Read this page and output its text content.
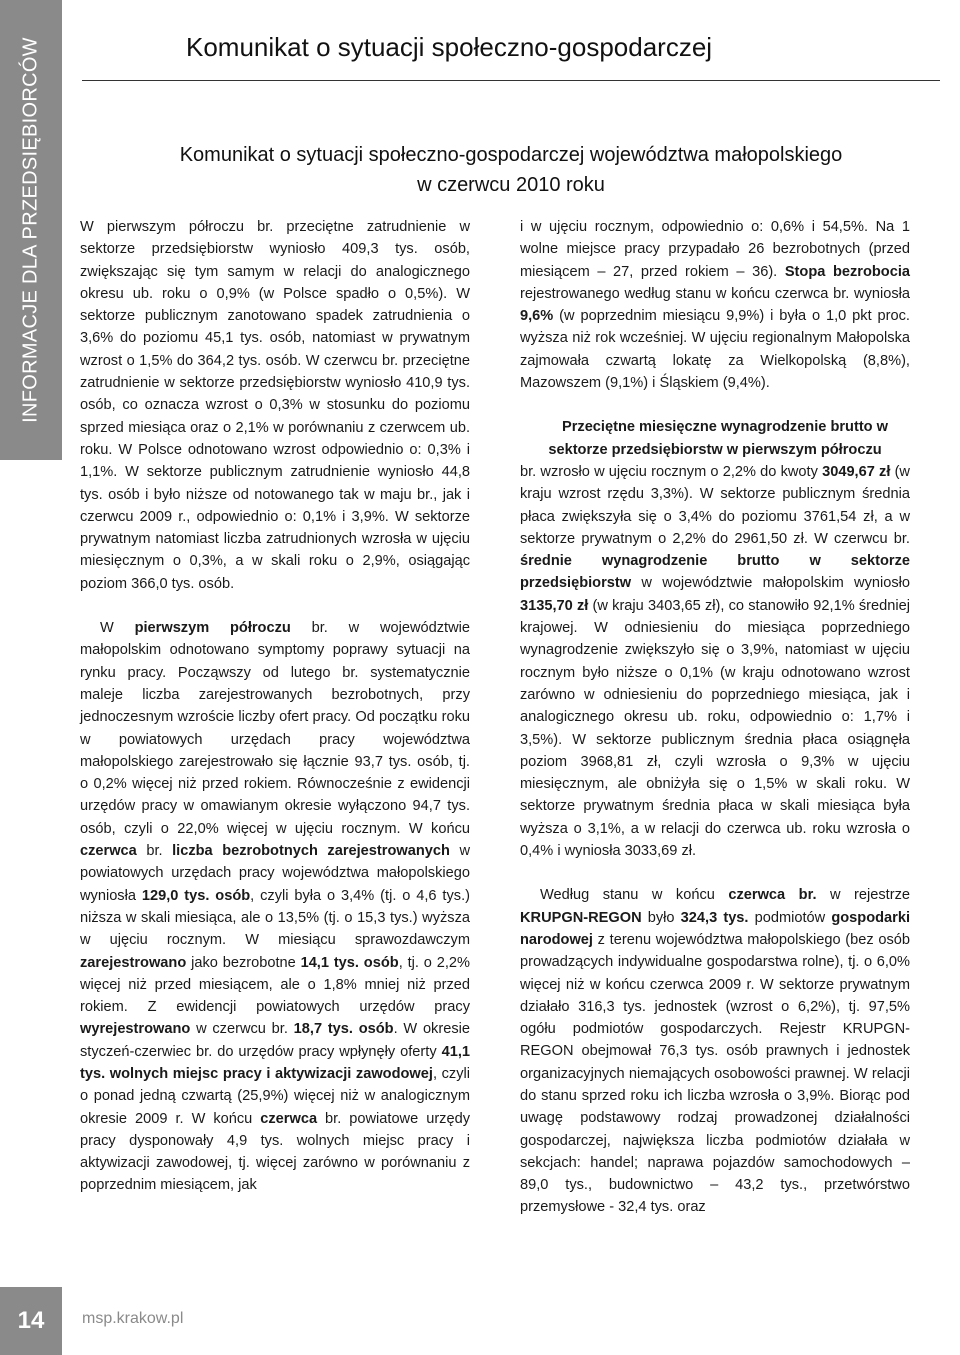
INFORMACJE DLA PRZEDSIĘBIORCÓW	Komunikat o sytuacji społeczno-gospodarczej
Komunikat o sytuacji społeczno-gospodarczej województwa małopolskiego
w czerwcu 2010 roku

W pierwszym półroczu br. przeciętne zatrudnienie w sektorze przedsiębiorstw wyniosło 409,3 tys. osób, zwiększając się tym samym w relacji do analogicznego okresu ub. roku o 0,9% (w Polsce spadło o 0,5%). W sektorze publicznym zanotowano spadek zatrudnienia o 3,6% do poziomu 45,1 tys. osób, natomiast w prywatnym wzrost o 1,5% do 364,2 tys. osób. W czerwcu br. przeciętne zatrudnienie w sektorze przedsiębiorstw wyniosło 410,9 tys. osób, co oznacza wzrost o 0,3% w stosunku do poziomu sprzed miesiąca oraz o 2,1% w porównaniu z czerwcem ub. roku. W Polsce odnotowano wzrost odpowiednio o: 0,3% i 1,1%. W sektorze publicznym zatrudnienie wyniosło 44,8 tys. osób i było niższe od notowanego tak w maju br., jak i czerwcu 2009 r., odpowiednio o: 0,1% i 3,9%. W sektorze prywatnym natomiast liczba zatrudnionych wzrosła w ujęciu miesięcznym o 0,3%, a w skali roku o 2,9%, osiągając poziom 366,0 tys. osób.

W pierwszym półroczu br. w województwie małopolskim odnotowano symptomy poprawy sytuacji na rynku pracy. Począwszy od lutego br. systematycznie maleje liczba zarejestrowanych bezrobotnych, przy jednoczesnym wzroście liczby ofert pracy. Od początku roku w powiatowych urzędach pracy województwa małopolskiego zarejestrowało się łącznie 93,7 tys. osób, tj. o 0,2% więcej niż przed rokiem. Równocześnie z ewidencji urzędów pracy w omawianym okresie wyłączono 94,7 tys. osób, czyli o 22,0% więcej w ujęciu rocznym. W końcu czerwca br. liczba bezrobotnych zarejestrowanych w powiatowych urzędach pracy województwa małopolskiego wyniosła 129,0 tys. osób, czyli była o 3,4% (tj. o 4,6 tys.) niższa w skali miesiąca, ale o 13,5% (tj. o 15,3 tys.) wyższa w ujęciu rocznym. W miesiącu sprawozdawczym zarejestrowano jako bezrobotne 14,1 tys. osób, tj. o 2,2% więcej niż przed miesiącem, ale o 1,8% mniej niż przed rokiem. Z ewidencji powiatowych urzędów pracy wyrejestrowano w czerwcu br. 18,7 tys. osób. W okresie styczeń-czerwiec br. do urzędów pracy wpłynęły oferty 41,1 tys. wolnych miejsc pracy i aktywizacji zawodowej, czyli o ponad jedną czwartą (25,9%) więcej niż w analogicznym okresie 2009 r. W końcu czerwca br. powiatowe urzędy pracy dysponowały 4,9 tys. wolnych miejsc pracy i aktywizacji zawodowej, tj. więcej zarówno w porównaniu z poprzednim miesiącem, jak

i w ujęciu rocznym, odpowiednio o: 0,6% i 54,5%. Na 1 wolne miejsce pracy przypadało 26 bezrobotnych (przed miesiącem – 27, przed rokiem – 36). Stopa bezrobocia rejestrowanego według stanu w końcu czerwca br. wyniosła 9,6% (w poprzednim miesiącu 9,9%) i była o 1,0 pkt proc. wyższa niż rok wcześniej. W ujęciu regionalnym Małopolska zajmowała czwartą lokatę za Wielkopolską (8,8%), Mazowszem (9,1%) i Śląskiem (9,4%).

Przeciętne miesięczne wynagrodzenie brutto w sektorze przedsiębiorstw w pierwszym półroczu
br. wzrosło w ujęciu rocznym o 2,2% do kwoty 3049,67 zł (w kraju wzrost rzędu 3,3%). W sektorze publicznym średnia płaca zwiększyła się o 3,4% do poziomu 3761,54 zł, a w sektorze prywatnym o 2,2% do 2961,50 zł. W czerwcu br. średnie wynagrodzenie brutto w sektorze przedsiębiorstw w województwie małopolskim wyniosło 3135,70 zł (w kraju 3403,65 zł), co stanowiło 92,1% średniej krajowej. W odniesieniu do miesiąca poprzedniego wynagrodzenie zwiększyło się o 3,9%, natomiast w ujęciu rocznym było niższe o 0,1% (w kraju odnotowano wzrost zarówno w odniesieniu do poprzedniego miesiąca, jak i analogicznego okresu ub. roku, odpowiednio o: 1,7% i 3,5%). W sektorze publicznym średnia płaca osiągnęła poziom 3968,81 zł, czyli wzrosła o 9,3% w ujęciu miesięcznym, ale obniżyła się o 1,5% w skali roku. W sektorze prywatnym średnia płaca w skali miesiąca była wyższa o 3,1%, a w relacji do czerwca ub. roku wzrosła o 0,4% i wyniosła 3033,69 zł.

Według stanu w końcu czerwca br. w rejestrze KRUPGN-REGON było 324,3 tys. podmiotów gospodarki narodowej z terenu województwa małopolskiego (bez osób prowadzących indywidualne gospodarstwa rolne), tj. o 6,0% więcej niż w końcu czerwca 2009 r. W sektorze prywatnym działało 316,3 tys. jednostek (wzrost o 6,2%), tj. 97,5% ogółu podmiotów gospodarczych. Rejestr KRUPGN-REGON obejmował 76,3 tys. osób prawnych i jednostek organizacyjnych niemających osobowości prawnej. W relacji do stanu sprzed roku ich liczba wzrosła o 3,9%. Biorąc pod uwagę podstawowy rodzaj prowadzonej działalności gospodarczej, największa liczba podmiotów działała w sekcjach: handel; naprawa pojazdów samochodowych – 89,0 tys., budownictwo – 43,2 tys., przetwórstwo przemysłowe - 32,4 tys. oraz

14	msp.krakow.pl
